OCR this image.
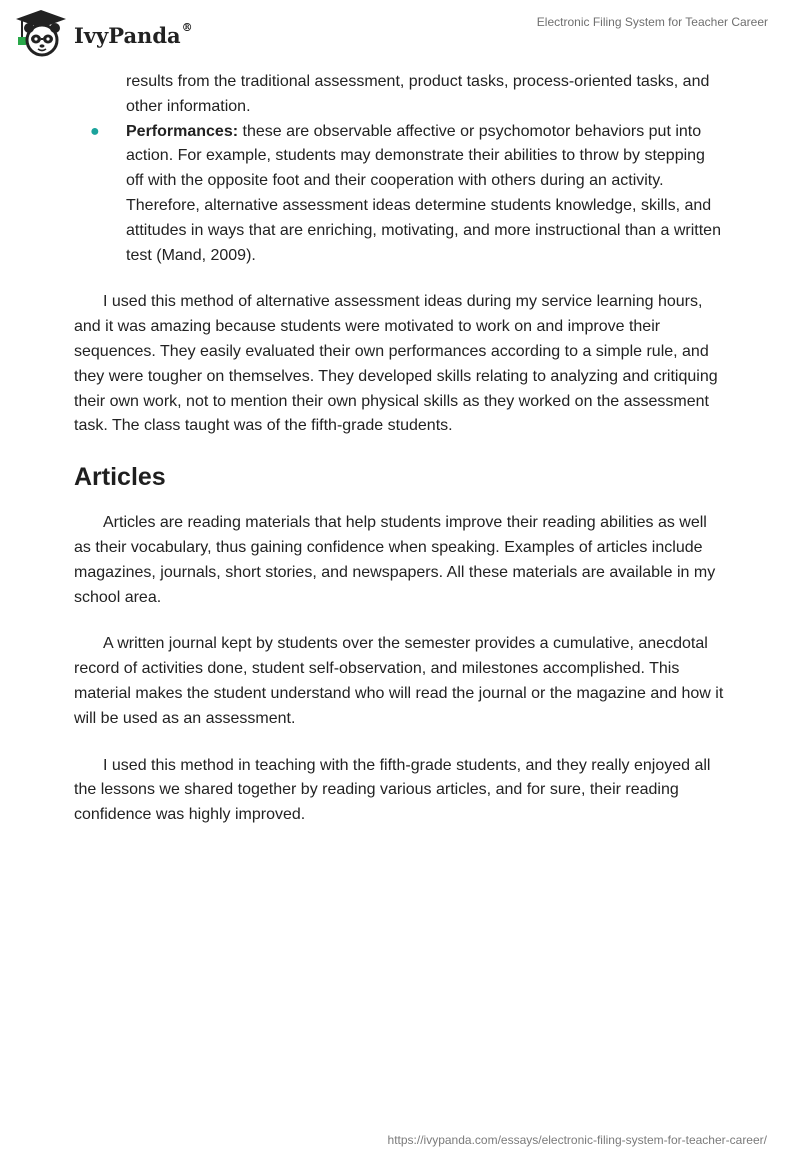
IvyPanda®	Electronic Filing System for Teacher Career
results from the traditional assessment, product tasks, process-oriented tasks, and other information.
● Performances: these are observable affective or psychomotor behaviors put into action. For example, students may demonstrate their abilities to throw by stepping off with the opposite foot and their cooperation with others during an activity. Therefore, alternative assessment ideas determine students knowledge, skills, and attitudes in ways that are enriching, motivating, and more instructional than a written test (Mand, 2009).

I used this method of alternative assessment ideas during my service learning hours, and it was amazing because students were motivated to work on and improve their sequences. They easily evaluated their own performances according to a simple rule, and they were tougher on themselves. They developed skills relating to analyzing and critiquing their own work, not to mention their own physical skills as they worked on the assessment task. The class taught was of the fifth-grade students.

Articles

Articles are reading materials that help students improve their reading abilities as well as their vocabulary, thus gaining confidence when speaking. Examples of articles include magazines, journals, short stories, and newspapers. All these materials are available in my school area.

A written journal kept by students over the semester provides a cumulative, anecdotal record of activities done, student self-observation, and milestones accomplished. This material makes the student understand who will read the journal or the magazine and how it will be used as an assessment.

I used this method in teaching with the fifth-grade students, and they really enjoyed all the lessons we shared together by reading various articles, and for sure, their reading confidence was highly improved.

https://ivypanda.com/essays/electronic-filing-system-for-teacher-career/
